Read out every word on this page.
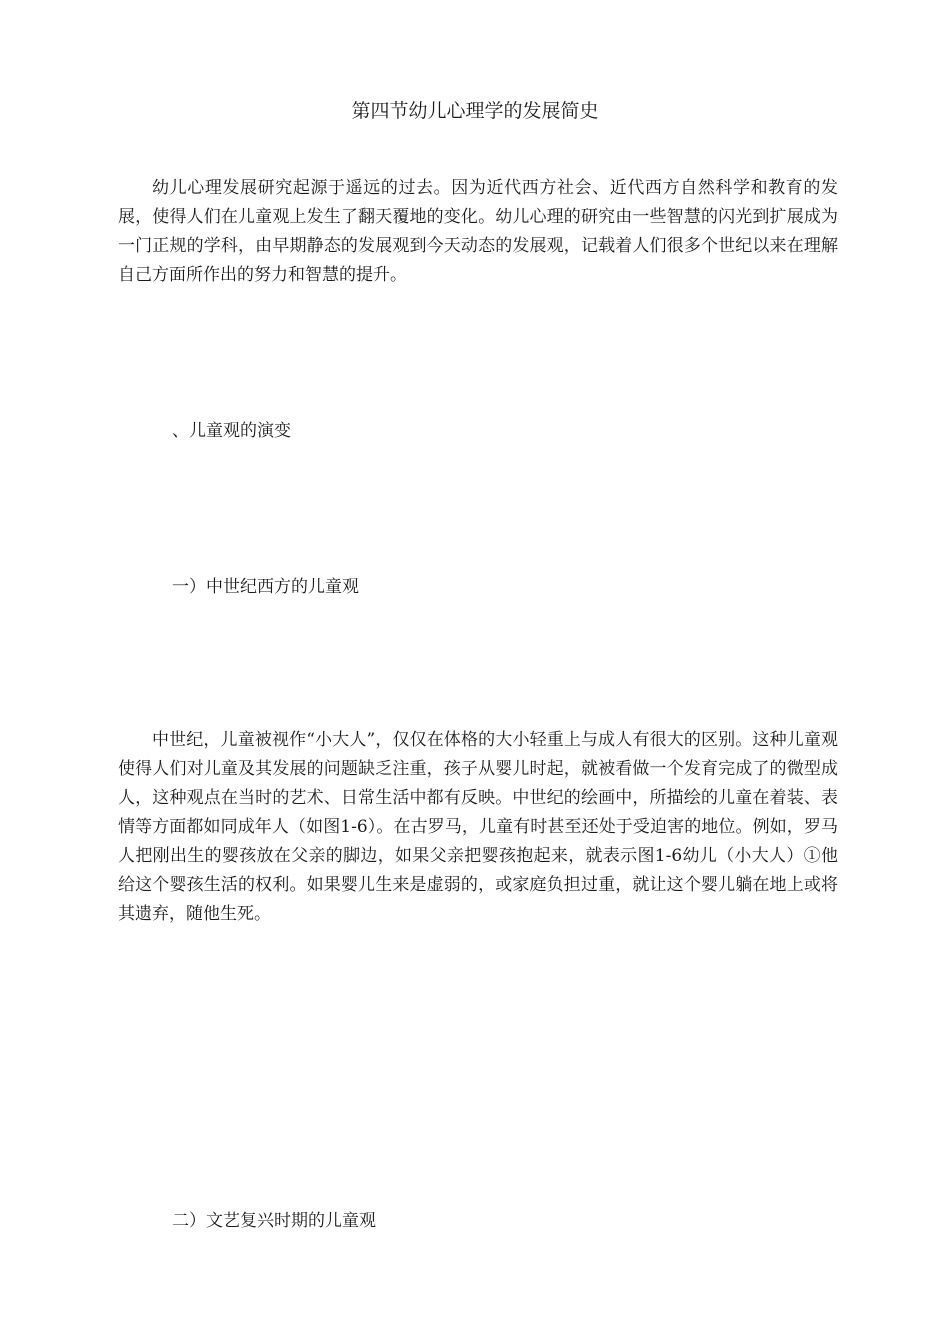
第四节幼儿心理学的发展简史

幼儿心理发展研究起源于遥远的过去。因为近代西方社会、近代西方自然科学和教育的发展，使得人们在儿童观上发生了翻天覆地的变化。幼儿心理的研究由一些智慧的闪光到扩展成为一门正规的学科，由早期静态的发展观到今天动态的发展观，记载着人们很多个世纪以来在理解自己方面所作出的努力和智慧的提升。

、儿童观的演变

一）中世纪西方的儿童观

中世纪，儿童被视作“小大人”，仅仅在体格的大小轻重上与成人有很大的区别。这种儿童观使得人们对儿童及其发展的问题缺乏注重，孩子从婴儿时起，就被看做一个发育完成了的微型成人，这种观点在当时的艺术、日常生活中都有反映。中世纪的绘画中，所描绘的儿童在着装、表情等方面都如同成年人（如图1-6）。在古罗马，儿童有时甚至还处于受迫害的地位。例如，罗马人把刚出生的婴孩放在父亲的脚边，如果父亲把婴孩抱起来，就表示图1-6幼儿（小大人）①他给这个婴孩生活的权利。如果婴儿生来是虚弱的，或家庭负担过重，就让这个婴儿躺在地上或将其遗弃，随他生死。

二）文艺复兴时期的儿童观
